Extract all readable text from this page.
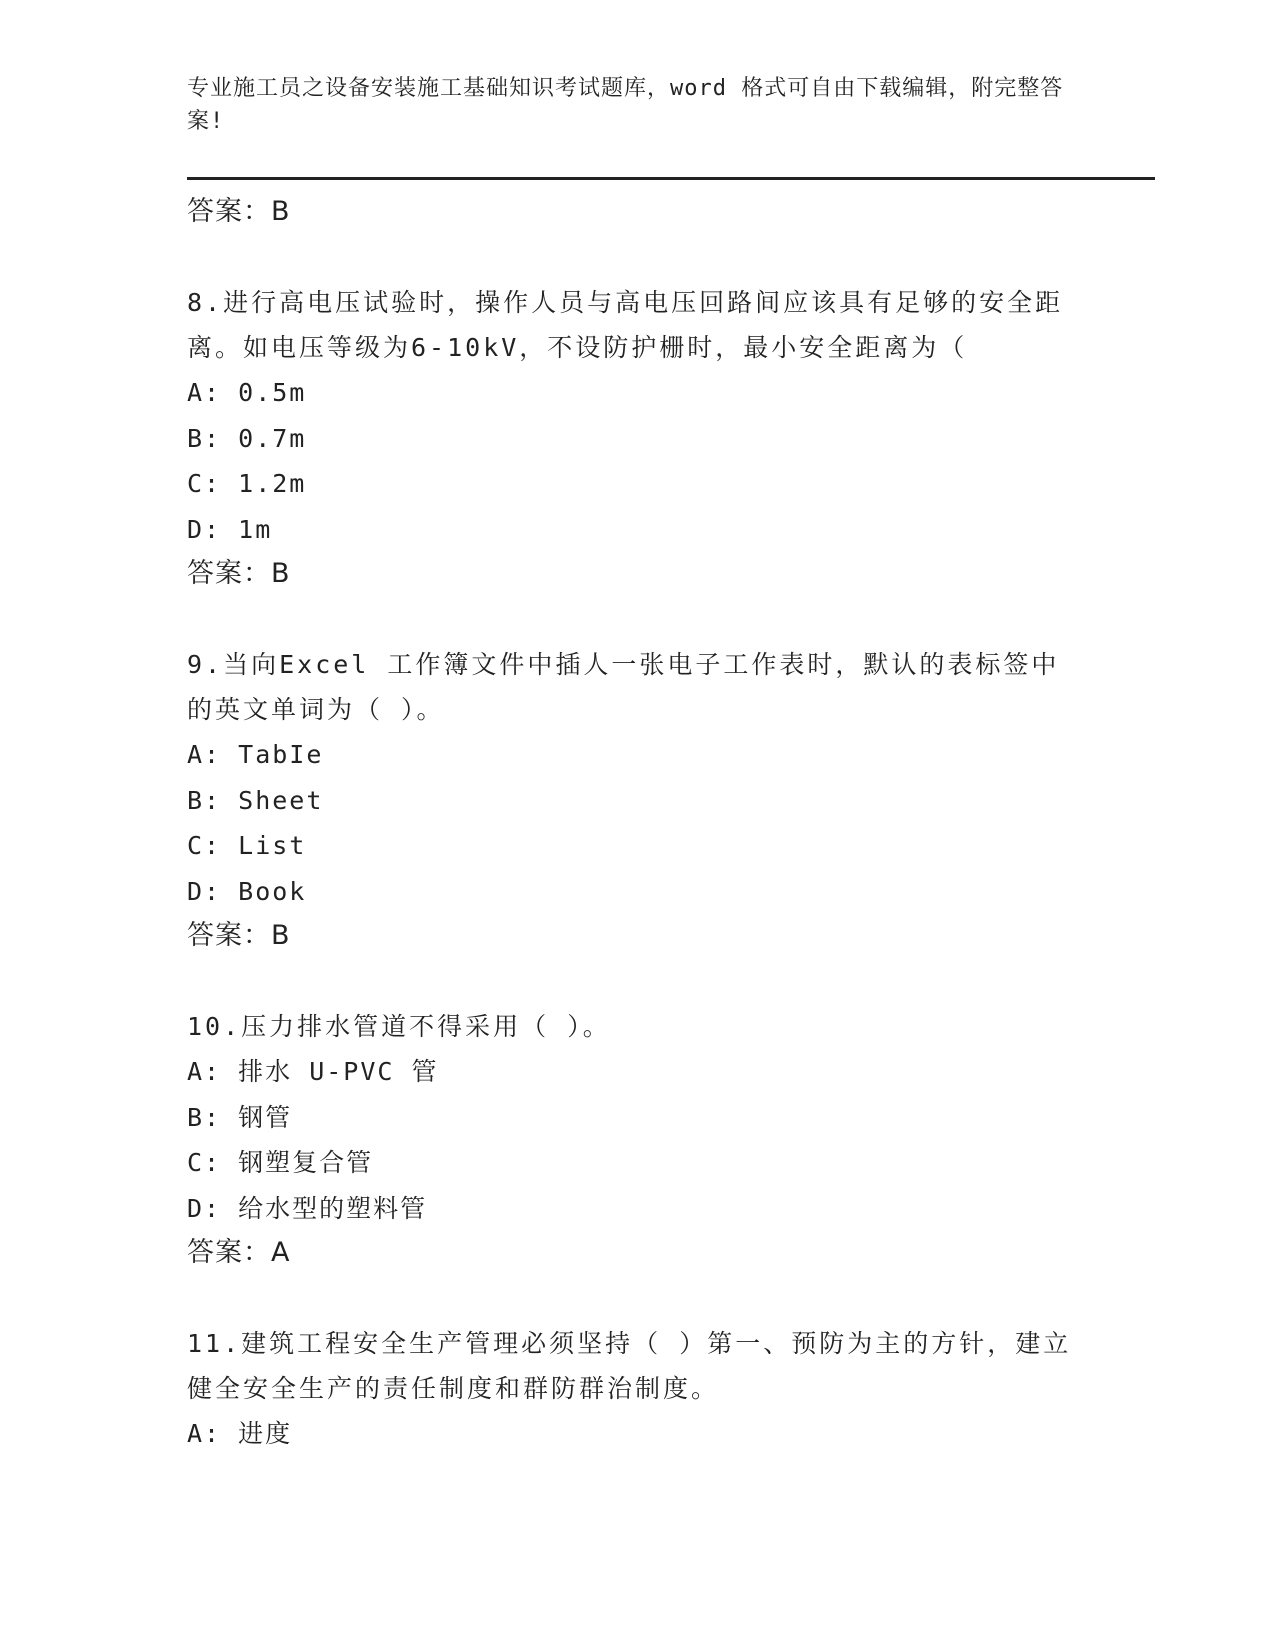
专业施工员之设备安装施工基础知识考试题库，word 格式可自由下载编辑，附完整答案!
答案：B
8.进行高电压试验时，操作人员与高电压回路间应该具有足够的安全距离。如电压等级为6-10kV，不设防护栅时，最小安全距离为（
A: 0.5m
B: 0.7m
C: 1.2m
D: 1m
答案：B
9.当向Excel 工作簿文件中插人一张电子工作表时，默认的表标签中的英文单词为（ ）。
A: TabIe
B: Sheet
C: List
D: Book
答案：B
10.压力排水管道不得采用（ ）。
A: 排水 U-PVC 管
B: 钢管
C: 钢塑复合管
D: 给水型的塑料管
答案：A
11.建筑工程安全生产管理必须坚持（ ）第一、预防为主的方针，建立健全安全生产的责任制度和群防群治制度。
A: 进度
